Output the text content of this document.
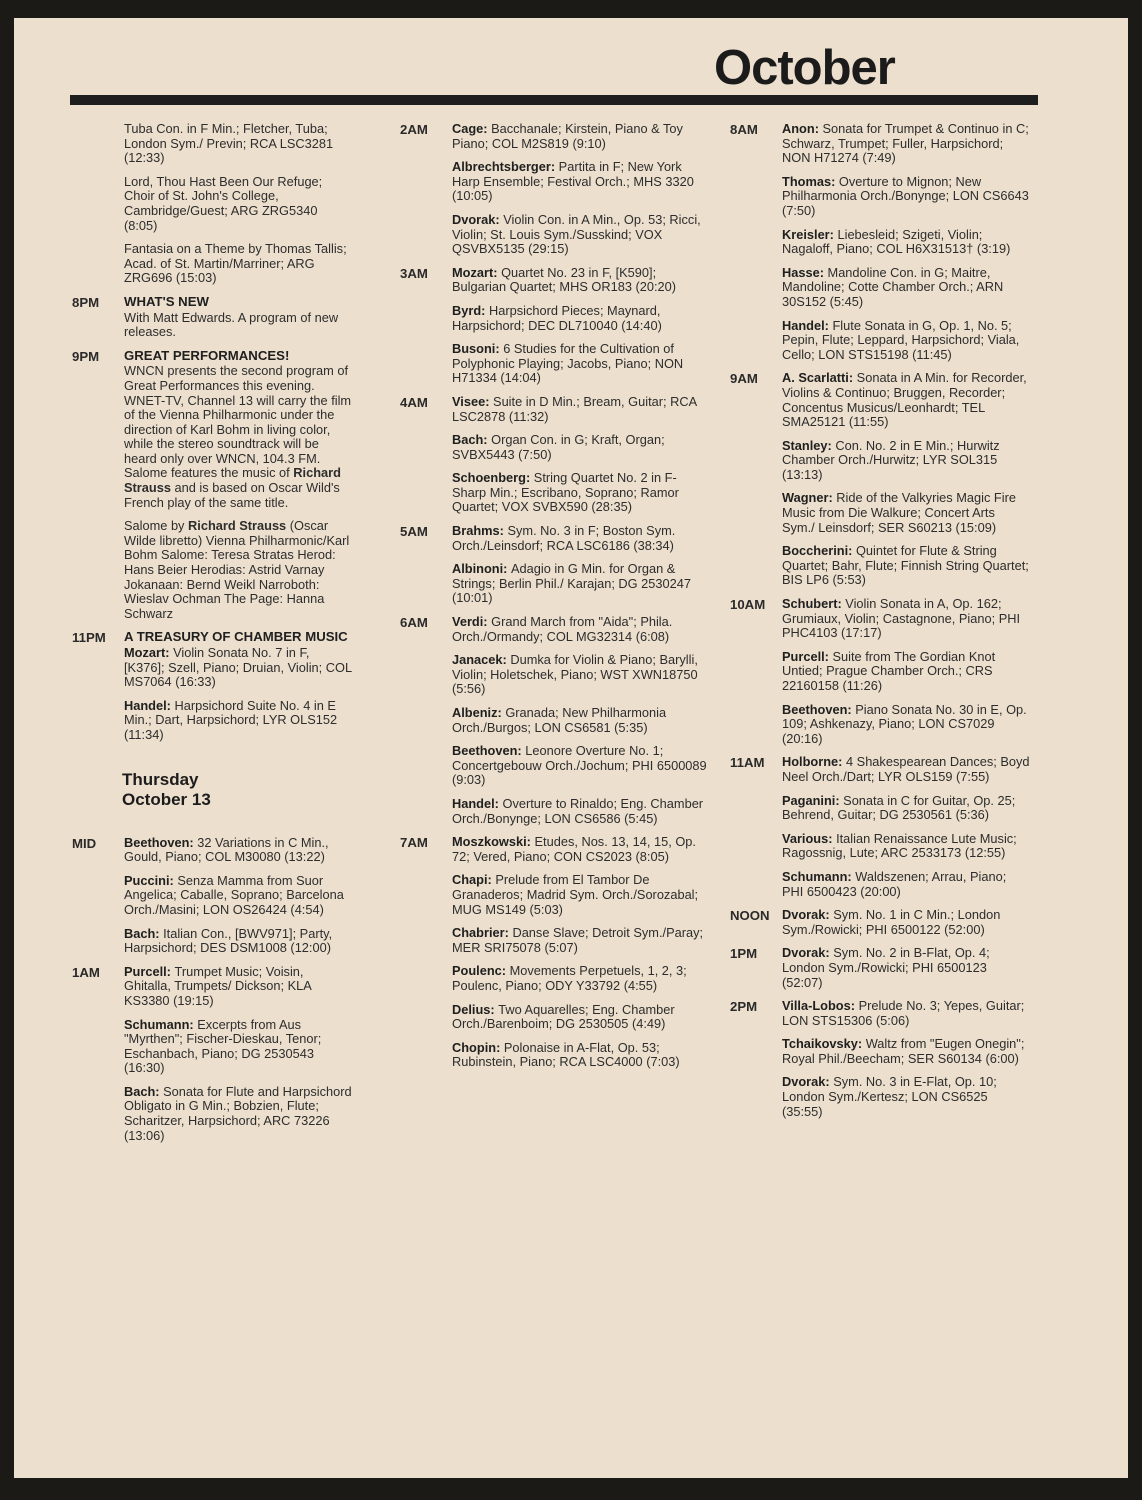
October
Tuba Con. in F Min.; Fletcher, Tuba; London Sym./ Previn; RCA LSC3281 (12:33)
Lord, Thou Hast Been Our Refuge; Choir of St. John's College, Cambridge/Guest; ARG ZRG5340 (8:05)
Fantasia on a Theme by Thomas Tallis; Acad. of St. Martin/Marriner; ARG ZRG696 (15:03)
8PM	WHAT'S NEW
With Matt Edwards. A program of new releases.
9PM	GREAT PERFORMANCES!
WNCN presents the second program of Great Performances this evening. WNET-TV, Channel 13 will carry the film of the Vienna Philharmonic under the direction of Karl Bohm in living color, while the stereo soundtrack will be heard only over WNCN, 104.3 FM.
Salome features the music of Richard Strauss and is based on Oscar Wild's French play of the same title.
Salome by Richard Strauss (Oscar Wilde libretto) Vienna Philharmonic/Karl Bohm Salome: Teresa Stratas Herod: Hans Beier Herodias: Astrid Varnay Jokanaan: Bernd Weikl Narroboth: Wieslav Ochman The Page: Hanna Schwarz
11PM	A TREASURY OF CHAMBER MUSIC
Mozart: Violin Sonata No. 7 in F, [K376]; Szell, Piano; Druian, Violin; COL MS7064 (16:33)
Handel: Harpsichord Suite No. 4 in E Min.; Dart, Harpsichord; LYR OLS152 (11:34)
Thursday
October 13
MID	Beethoven: 32 Variations in C Min., Gould, Piano; COL M30080 (13:22)
Puccini: Senza Mamma from Suor Angelica; Caballe, Soprano; Barcelona Orch./Masini; LON OS26424 (4:54)
Bach: Italian Con., [BWV971]; Party, Harpsichord; DES DSM1008 (12:00)
1AM	Purcell: Trumpet Music; Voisin, Ghitalla, Trumpets/ Dickson; KLA KS3380 (19:15)
Schumann: Excerpts from Aus "Myrthen"; Fischer-Dieskau, Tenor; Eschanbach, Piano; DG 2530543 (16:30)
Bach: Sonata for Flute and Harpsichord Obligato in G Min.; Bobzien, Flute; Scharitzer, Harpsichord; ARC 73226 (13:06)
2AM	Cage: Bacchanale; Kirstein, Piano & Toy Piano; COL M2S819 (9:10)
Albrechtsberger: Partita in F; New York Harp Ensemble; Festival Orch.; MHS 3320 (10:05)
Dvorak: Violin Con. in A Min., Op. 53; Ricci, Violin; St. Louis Sym./Susskind; VOX QSVBX5135 (29:15)
3AM	Mozart: Quartet No. 23 in F, [K590]; Bulgarian Quartet; MHS OR183 (20:20)
Byrd: Harpsichord Pieces; Maynard, Harpsichord; DEC DL710040 (14:40)
Busoni: 6 Studies for the Cultivation of Polyphonic Playing; Jacobs, Piano; NON H71334 (14:04)
4AM	Visee: Suite in D Min.; Bream, Guitar; RCA LSC2878 (11:32)
Bach: Organ Con. in G; Kraft, Organ; SVBX5443 (7:50)
Schoenberg: String Quartet No. 2 in F-Sharp Min.; Escribano, Soprano; Ramor Quartet; VOX SVBX590 (28:35)
5AM	Brahms: Sym. No. 3 in F; Boston Sym. Orch./Leinsdorf; RCA LSC6186 (38:34)
Albinoni: Adagio in G Min. for Organ & Strings; Berlin Phil./ Karajan; DG 2530247 (10:01)
6AM	Verdi: Grand March from "Aida"; Phila. Orch./Ormandy; COL MG32314 (6:08)
Janacek: Dumka for Violin & Piano; Barylli, Violin; Holetschek, Piano; WST XWN18750 (5:56)
Albeniz: Granada; New Philharmonia Orch./Burgos; LON CS6581 (5:35)
Beethoven: Leonore Overture No. 1; Concertgebouw Orch./Jochum; PHI 6500089 (9:03)
Handel: Overture to Rinaldo; Eng. Chamber Orch./Bonynge; LON CS6586 (5:45)
7AM	Moszkowski: Etudes, Nos. 13, 14, 15, Op. 72; Vered, Piano; CON CS2023 (8:05)
Chapi: Prelude from El Tambor De Granaderos; Madrid Sym. Orch./Sorozabal; MUG MS149 (5:03)
Chabrier: Danse Slave; Detroit Sym./Paray; MER SRI75078 (5:07)
Poulenc: Movements Perpetuels, 1, 2, 3; Poulenc, Piano; ODY Y33792 (4:55)
Delius: Two Aquarelles; Eng. Chamber Orch./Barenboim; DG 2530505 (4:49)
Chopin: Polonaise in A-Flat, Op. 53; Rubinstein, Piano; RCA LSC4000 (7:03)
8AM	Anon: Sonata for Trumpet & Continuo in C; Schwarz, Trumpet; Fuller, Harpsichord; NON H71274 (7:49)
Thomas: Overture to Mignon; New Philharmonia Orch./Bonynge; LON CS6643 (7:50)
Kreisler: Liebesleid; Szigeti, Violin; Nagaloff, Piano; COL H6X31513† (3:19)
Hasse: Mandoline Con. in G; Maitre, Mandoline; Cotte Chamber Orch.; ARN 30S152 (5:45)
Handel: Flute Sonata in G, Op. 1, No. 5; Pepin, Flute; Leppard, Harpsichord; Viala, Cello; LON STS15198 (11:45)
9AM	A. Scarlatti: Sonata in A Min. for Recorder, Violins & Continuo; Bruggen, Recorder; Concentus Musicus/Leonhardt; TEL SMA25121 (11:55)
Stanley: Con. No. 2 in E Min.; Hurwitz Chamber Orch./Hurwitz; LYR SOL315 (13:13)
Wagner: Ride of the Valkyries Magic Fire Music from Die Walkure; Concert Arts Sym./ Leinsdorf; SER S60213 (15:09)
Boccherini: Quintet for Flute & String Quartet; Bahr, Flute; Finnish String Quartet; BIS LP6 (5:53)
10AM	Schubert: Violin Sonata in A, Op. 162; Grumiaux, Violin; Castagnone, Piano; PHI PHC4103 (17:17)
Purcell: Suite from The Gordian Knot Untied; Prague Chamber Orch.; CRS 22160158 (11:26)
Beethoven: Piano Sonata No. 30 in E, Op. 109; Ashkenazy, Piano; LON CS7029 (20:16)
11AM	Holborne: 4 Shakespearean Dances; Boyd Neel Orch./Dart; LYR OLS159 (7:55)
Paganini: Sonata in C for Guitar, Op. 25; Behrend, Guitar; DG 2530561 (5:36)
Various: Italian Renaissance Lute Music; Ragossnig, Lute; ARC 2533173 (12:55)
Schumann: Waldszenen; Arrau, Piano; PHI 6500423 (20:00)
NOON Dvorak: Sym. No. 1 in C Min.; London Sym./Rowicki; PHI 6500122 (52:00)
1PM	Dvorak: Sym. No. 2 in B-Flat, Op. 4; London Sym./Rowicki; PHI 6500123 (52:07)
2PM	Villa-Lobos: Prelude No. 3; Yepes, Guitar; LON STS15306 (5:06)
Tchaikovsky: Waltz from "Eugen Onegin"; Royal Phil./Beecham; SER S60134 (6:00)
Dvorak: Sym. No. 3 in E-Flat, Op. 10; London Sym./Kertesz; LON CS6525 (35:55)
